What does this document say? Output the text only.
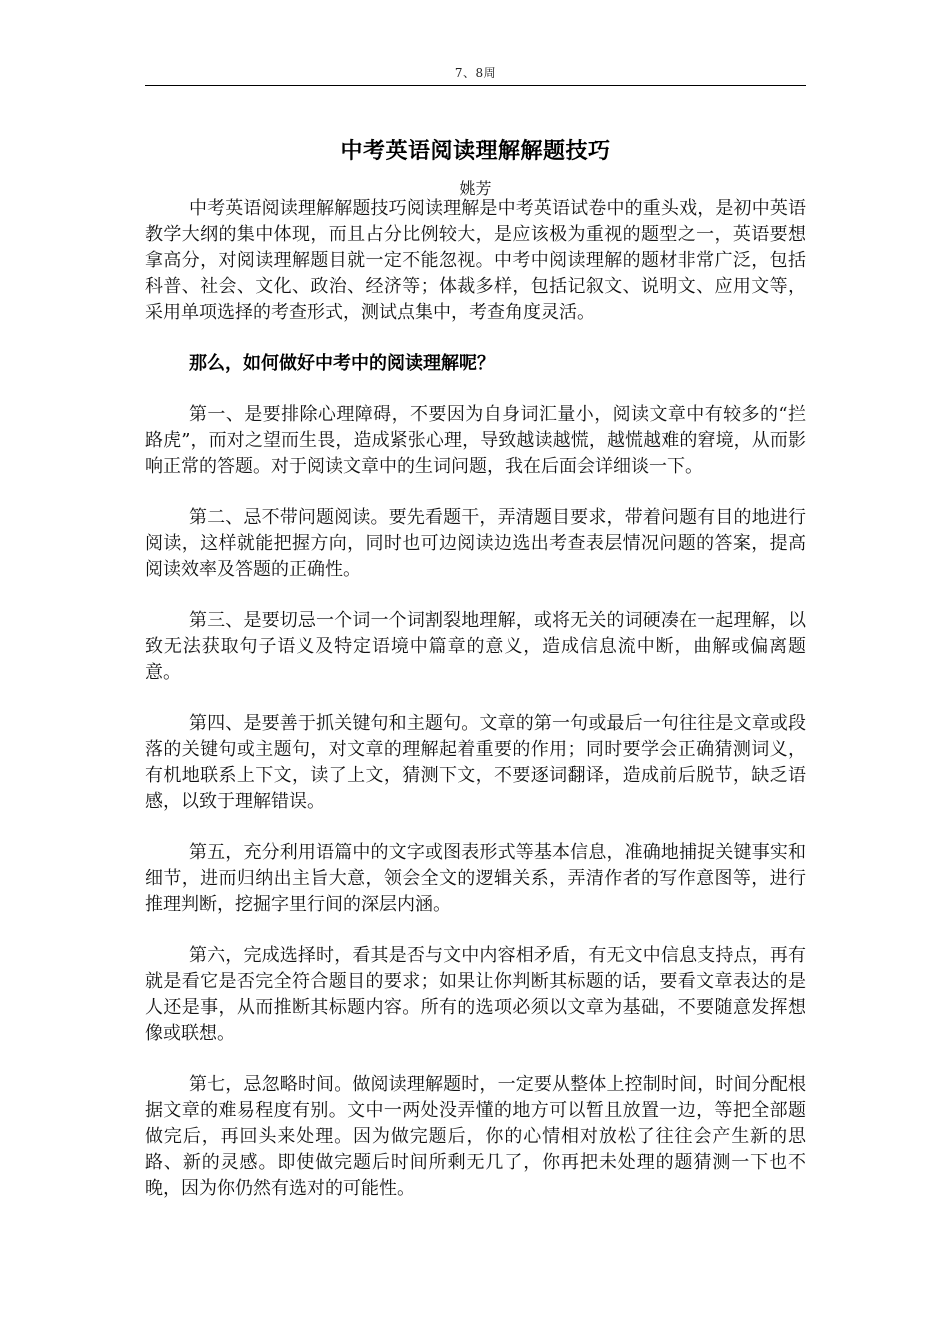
7、8周
中考英语阅读理解解题技巧
姚芳

中考英语阅读理解解题技巧阅读理解是中考英语试卷中的重头戏，是初中英语教学大纲的集中体现，而且占分比例较大，是应该极为重视的题型之一，英语要想拿高分，对阅读理解题目就一定不能忽视。中考中阅读理解的题材非常广泛，包括科普、社会、文化、政治、经济等；体裁多样，包括记叙文、说明文、应用文等，采用单项选择的考查形式，测试点集中，考查角度灵活。

那么，如何做好中考中的阅读理解呢？

第一、是要排除心理障碍，不要因为自身词汇量小，阅读文章中有较多的“拦路虎”，而对之望而生畏，造成紧张心理，导致越读越慌，越慌越难的窘境，从而影响正常的答题。对于阅读文章中的生词问题，我在后面会详细谈一下。

第二、忌不带问题阅读。要先看题干，弄清题目要求，带着问题有目的地进行阅读，这样就能把握方向，同时也可边阅读边选出考查表层情况问题的答案，提高阅读效率及答题的正确性。

第三、是要切忌一个词一个词割裂地理解，或将无关的词硬凑在一起理解，以致无法获取句子语义及特定语境中篇章的意义，造成信息流中断，曲解或偏离题意。

第四、是要善于抓关键句和主题句。文章的第一句或最后一句往往是文章或段落的关键句或主题句，对文章的理解起着重要的作用；同时要学会正确猜测词义，有机地联系上下文，读了上文，猜测下文，不要逐词翻译，造成前后脱节，缺乏语感，以致于理解错误。

第五，充分利用语篇中的文字或图表形式等基本信息，准确地捕捉关键事实和细节，进而归纳出主旨大意，领会全文的逻辑关系，弄清作者的写作意图等，进行推理判断，挖掘字里行间的深层内涵。

第六，完成选择时，看其是否与文中内容相矛盾，有无文中信息支持点，再有就是看它是否完全符合题目的要求；如果让你判断其标题的话，要看文章表达的是人还是事，从而推断其标题内容。所有的选项必须以文章为基础，不要随意发挥想像或联想。

第七，忌忽略时间。做阅读理解题时，一定要从整体上控制时间，时间分配根据文章的难易程度有别。文中一两处没弄懂的地方可以暂且放置一边，等把全部题做完后，再回头来处理。因为做完题后，你的心情相对放松了往往会产生新的思路、新的灵感。即使做完题后时间所剩无几了，你再把未处理的题猜测一下也不晚，因为你仍然有选对的可能性。
